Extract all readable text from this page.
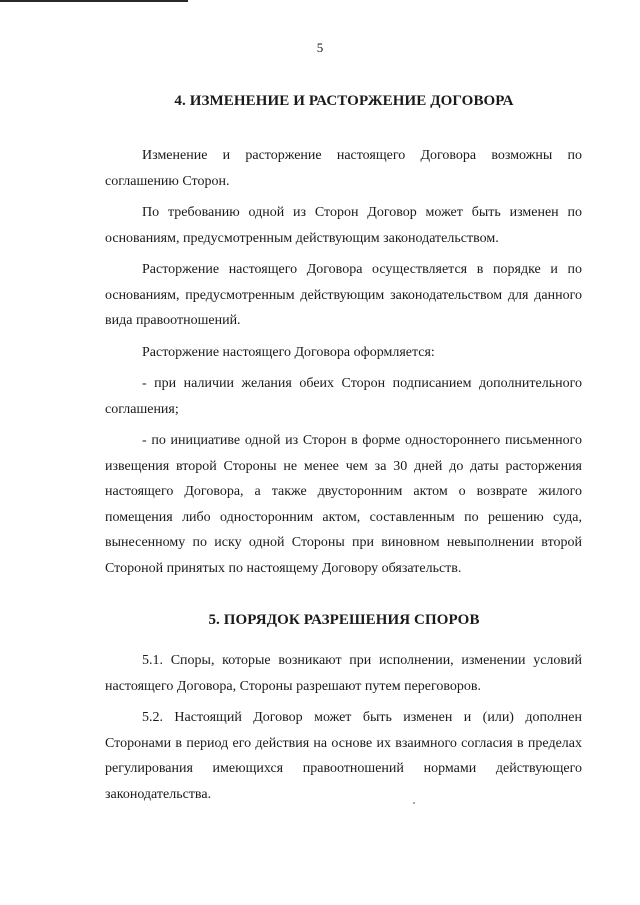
5
4. ИЗМЕНЕНИЕ И РАСТОРЖЕНИЕ ДОГОВОРА

Изменение и расторжение настоящего Договора возможны по соглашению Сторон.

По требованию одной из Сторон Договор может быть изменен по основаниям, предусмотренным действующим законодательством.

Расторжение настоящего Договора осуществляется в порядке и по основаниям, предусмотренным действующим законодательством для данного вида правоотношений.

Расторжение настоящего Договора оформляется:

- при наличии желания обеих Сторон подписанием дополнительного соглашения;

- по инициативе одной из Сторон в форме одностороннего письменного извещения второй Стороны не менее чем за 30 дней до даты расторжения настоящего Договора, а также двусторонним актом о возврате жилого помещения либо односторонним актом, составленным по решению суда, вынесенному по иску одной Стороны при виновном невыполнении второй Стороной принятых по настоящему Договору обязательств.

5. ПОРЯДОК РАЗРЕШЕНИЯ СПОРОВ

5.1. Споры, которые возникают при исполнении, изменении условий настоящего Договора, Стороны разрешают путем переговоров.

5.2. Настоящий Договор может быть изменен и (или) дополнен Сторонами в период его действия на основе их взаимного согласия в пределах регулирования имеющихся правоотношений нормами действующего законодательства.
